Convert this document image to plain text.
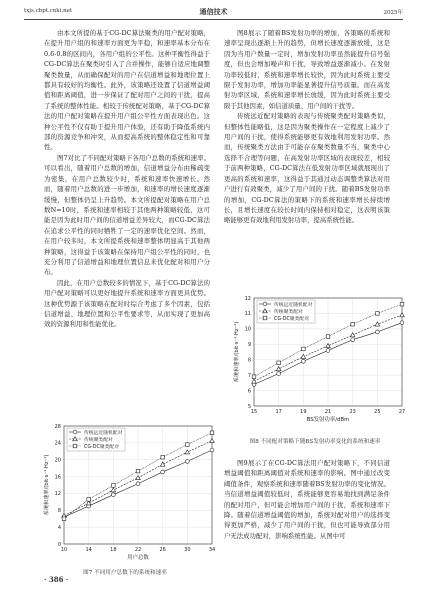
txjs.cbpt.cnki.net	通信技术	2025年

由本文所提的基于CG-DC算法聚类的用户配对策略，在提升用户组的和速率方面更为平稳，和速率基本分布在0.6-0.8的区间内，各用户组的公平性。这种平衡性得益于CG-DC算法在聚类时引入了合并操作，能够自适应地调整聚类数量，从而确保配对的用户在信道增益和地理位置上都具有较好的均衡性。此外，该策略还设置了信道增益阈值和距离阈值，进一步保证了配对用户之间的干扰，提高了系统的整体性能。相较于传统配对策略，基于CG-DC算法的用户配对策略在提升用户组公平性方面表现出色。这种公平性不仅有助于提升用户体验，还有助于降低系统内部的资源竞争和冲突，从而提高系统的整体稳定性和可靠性。

图7对比了不同配对策略下各用户总数的系统和速率。可以看出，随着用户总数的增加，信道增益分布由稀疏变为密集，在用户总数较少时，系统和速率快速增长。然而，随着用户总数的进一步增加，和速率的增长速度逐渐缓慢，但整体仍呈上升趋势。本文所提配对策略在用户总数N=10时，系统和速率相较于其他两种策略较低，这可能是因为此时用户间的信道增益差异较大，而CG-DC算法在追求公平性的同时牺牲了一定的速率优化空间。然而，在用户较多时，本文所提系统和速率整体明显高于其他两种策略，这得益于该策略在保持用户组公平性的同时，也充分利用了信道增益和地理位置信息来优化配对和用户分布。

因此，在用户总数较多的情况下，基于CG-DC算法的用户配对策略可以更好地提升系统和速率方面更具优势。这种优势源于该策略在配对时综合考虑了多个因素，包括信道增益、地理位置和公平性要求等，从而实现了更加高效的资源利用和性能优化。

图8展示了随着BS发射功率的增加，各策略的系统和速率呈现出逐渐上升的趋势，但增长速度逐渐放缓，这是因为当用户数量一定时，增加发射功率虽然能提升信号强度，但也会增加噪声和干扰，导致增益逐渐减小。在发射功率较低时，系统和速率增长较快，因为此时系统主要受限于发射功率，增加功率能显著提升信号质量。而在高发射功率区域，系统和速率增长放缓，因为此时系统主要受限于其他因素，如信道质量、用户间的干扰等。

传统远近配对策略的表现与传统聚类配对策略类似，但整体性能略低，这是因为聚类操作在一定程度上减少了用户间的干扰，使得系统能够更有效地利用发射功率。然而，传统聚类方法由于可能存在聚类数量不当，聚类中心选择不合理等问题，在高发射功率区域的表现较差，相较于前两种策略，CG-DC算法在低发射功率区域就展现出了更高的系统和速率，这得益于其通过动态调整类算法对用户进行有效聚类，减少了用户间的干扰。随着BS发射功率的增加，CG-DC算法的策略下的系统和速率增长持续增长，且增长速度在较长时间内保持相对稳定，这表明该策略能够更有效地利用发射功率，提高系统性能。

0
4
8
12
16
20
24
28
10	14	18	22	26	30	34
传统远近随机配对
传统聚类配对
CG-DC聚类配对
用户总数
系统和速率/(bit·s⁻¹·Hz⁻¹)
图7 不同用户总数下的系统和速率
5
6
7
8
9
10
11
12
15	17	19	21	23	25	27
传统远近随机配对
传统聚类配对
CG-DC聚类配对
BS发射功率/dBm
系统和速率/(bit·s⁻¹·Hz⁻¹)
图8 不同配对策略下随BS发射功率变化的系统和速率

图9展示了在CG-DC算法用户配对策略下，不同信道增益阈值和距离阈值对系统和速率的影响。图中通过改变阈值条件，观察系统和速率随着BS发射功率的变化情况。当信道增益阈值较低时，系统能够更容易地找到满足条件的配对用户，但可能会增加用户间的干扰，系统和速率下降。随着信道增益阈值的增加，系统对配对用户的选择变得更加严格，减少了用户间的干扰，但也可能导致部分用户无法成功配对，影响系统性能。从图中可

· 386 ·
